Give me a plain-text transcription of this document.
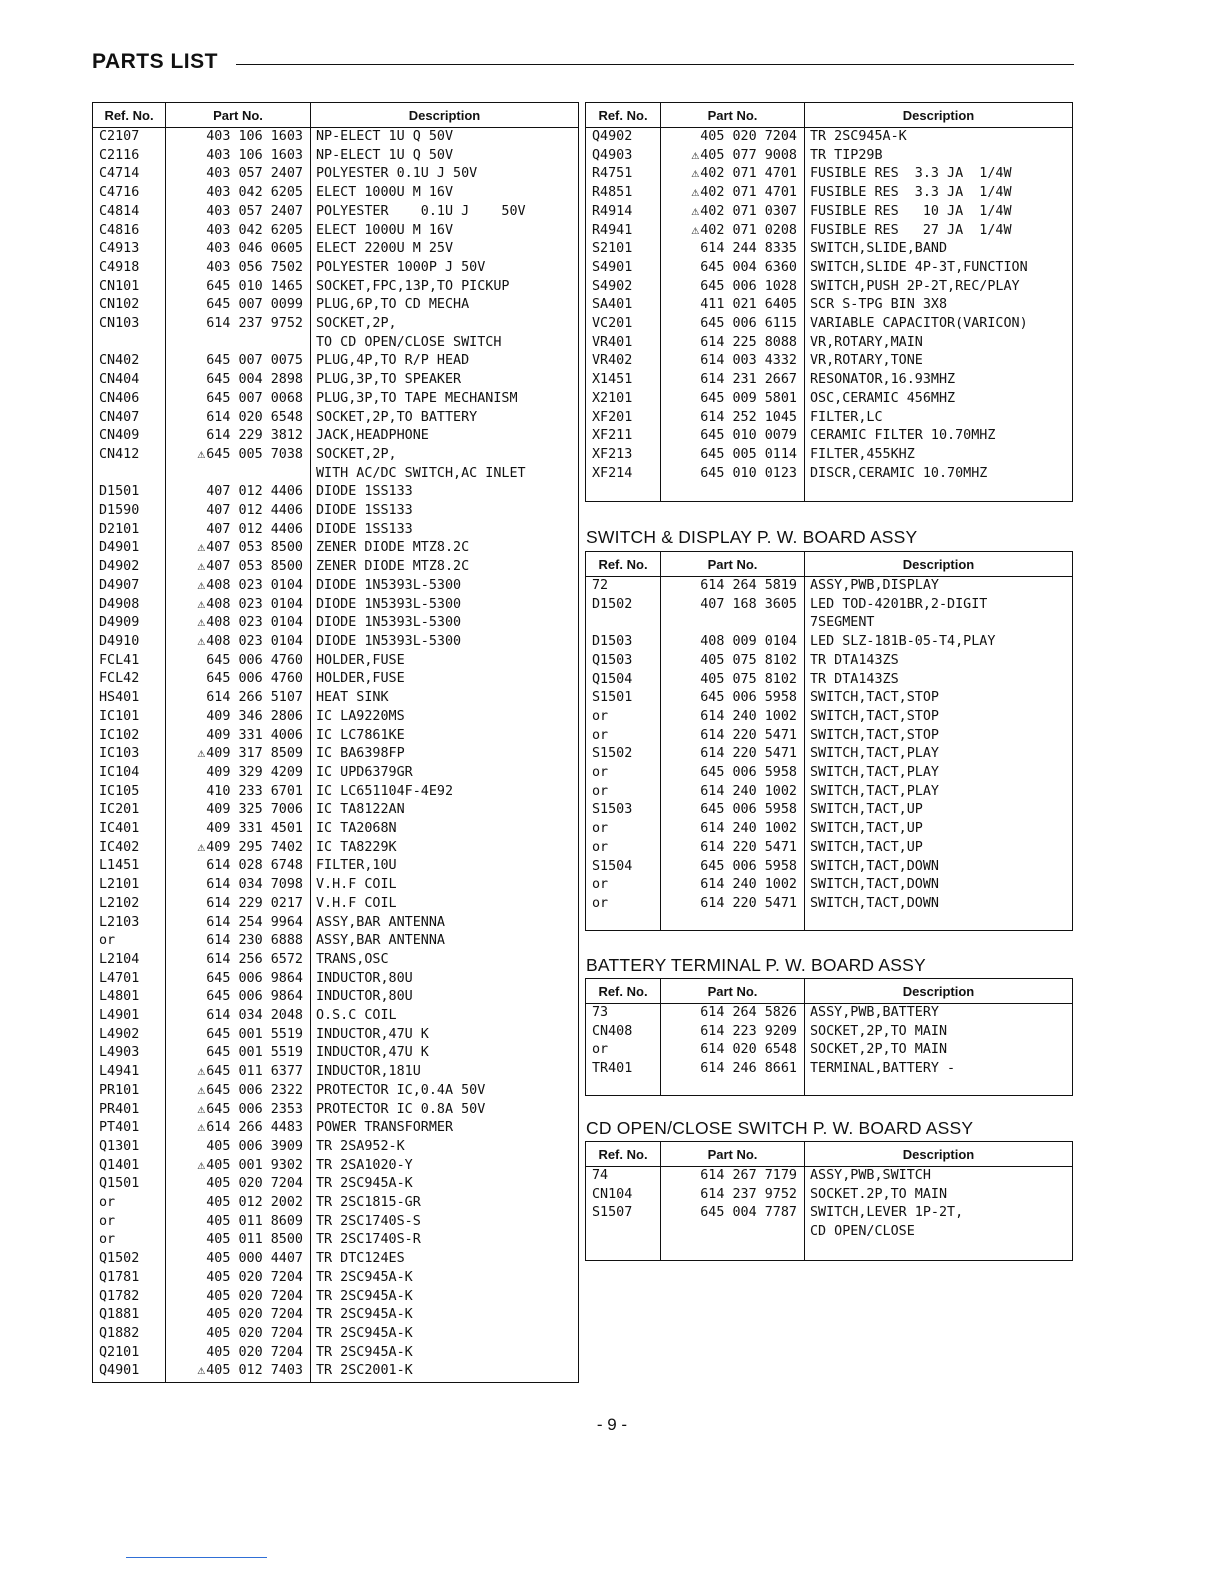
PARTS LIST
Ref. No.	Part No.	Description
C2107	403 106 1603	NP-ELECT 1U Q 50V
C2116	403 106 1603	NP-ELECT 1U Q 50V
C4714	403 057 2407	POLYESTER 0.1U J 50V
C4716	403 042 6205	ELECT 1000U M 16V
C4814	403 057 2407	POLYESTER    0.1U J    50V
C4816	403 042 6205	ELECT 1000U M 16V
C4913	403 046 0605	ELECT 2200U M 25V
C4918	403 056 7502	POLYESTER 1000P J 50V
CN101	645 010 1465	SOCKET,FPC,13P,TO PICKUP
CN102	645 007 0099	PLUG,6P,TO CD MECHA
CN103	614 237 9752	SOCKET,2P,
		TO CD OPEN/CLOSE SWITCH
CN402	645 007 0075	PLUG,4P,TO R/P HEAD
CN404	645 004 2898	PLUG,3P,TO SPEAKER
CN406	645 007 0068	PLUG,3P,TO TAPE MECHANISM
CN407	614 020 6548	SOCKET,2P,TO BATTERY
CN409	614 229 3812	JACK,HEADPHONE
CN412	⚠645 005 7038	SOCKET,2P,
		WITH AC/DC SWITCH,AC INLET
D1501	407 012 4406	DIODE 1SS133
D1590	407 012 4406	DIODE 1SS133
D2101	407 012 4406	DIODE 1SS133
D4901	⚠407 053 8500	ZENER DIODE MTZ8.2C
D4902	⚠407 053 8500	ZENER DIODE MTZ8.2C
D4907	⚠408 023 0104	DIODE 1N5393L-5300
D4908	⚠408 023 0104	DIODE 1N5393L-5300
D4909	⚠408 023 0104	DIODE 1N5393L-5300
D4910	⚠408 023 0104	DIODE 1N5393L-5300
FCL41	645 006 4760	HOLDER,FUSE
FCL42	645 006 4760	HOLDER,FUSE
HS401	614 266 5107	HEAT SINK
IC101	409 346 2806	IC LA9220MS
IC102	409 331 4006	IC LC7861KE
IC103	⚠409 317 8509	IC BA6398FP
IC104	409 329 4209	IC UPD6379GR
IC105	410 233 6701	IC LC651104F-4E92
IC201	409 325 7006	IC TA8122AN
IC401	409 331 4501	IC TA2068N
IC402	⚠409 295 7402	IC TA8229K
L1451	614 028 6748	FILTER,10U
L2101	614 034 7098	V.H.F COIL
L2102	614 229 0217	V.H.F COIL
L2103	614 254 9964	ASSY,BAR ANTENNA
or	614 230 6888	ASSY,BAR ANTENNA
L2104	614 256 6572	TRANS,OSC
L4701	645 006 9864	INDUCTOR,80U
L4801	645 006 9864	INDUCTOR,80U
L4901	614 034 2048	O.S.C COIL
L4902	645 001 5519	INDUCTOR,47U K
L4903	645 001 5519	INDUCTOR,47U K
L4941	⚠645 011 6377	INDUCTOR,181U
PR101	⚠645 006 2322	PROTECTOR IC,0.4A 50V
PR401	⚠645 006 2353	PROTECTOR IC 0.8A 50V
PT401	⚠614 266 4483	POWER TRANSFORMER
Q1301	405 006 3909	TR 2SA952-K
Q1401	⚠405 001 9302	TR 2SA1020-Y
Q1501	405 020 7204	TR 2SC945A-K
or	405 012 2002	TR 2SC1815-GR
or	405 011 8609	TR 2SC1740S-S
or	405 011 8500	TR 2SC1740S-R
Q1502	405 000 4407	TR DTC124ES
Q1781	405 020 7204	TR 2SC945A-K
Q1782	405 020 7204	TR 2SC945A-K
Q1881	405 020 7204	TR 2SC945A-K
Q1882	405 020 7204	TR 2SC945A-K
Q2101	405 020 7204	TR 2SC945A-K
Q4901	⚠405 012 7403	TR 2SC2001-K

Ref. No.	Part No.	Description
Q4902	405 020 7204	TR 2SC945A-K
Q4903	⚠405 077 9008	TR TIP29B
R4751	⚠402 071 4701	FUSIBLE RES  3.3 JA  1/4W
R4851	⚠402 071 4701	FUSIBLE RES  3.3 JA  1/4W
R4914	⚠402 071 0307	FUSIBLE RES   10 JA  1/4W
R4941	⚠402 071 0208	FUSIBLE RES   27 JA  1/4W
S2101	614 244 8335	SWITCH,SLIDE,BAND
S4901	645 004 6360	SWITCH,SLIDE 4P-3T,FUNCTION
S4902	645 006 1028	SWITCH,PUSH 2P-2T,REC/PLAY
SA401	411 021 6405	SCR S-TPG BIN 3X8
VC201	645 006 6115	VARIABLE CAPACITOR(VARICON)
VR401	614 225 8088	VR,ROTARY,MAIN
VR402	614 003 4332	VR,ROTARY,TONE
X1451	614 231 2667	RESONATOR,16.93MHZ
X2101	645 009 5801	OSC,CERAMIC 456MHZ
XF201	614 252 1045	FILTER,LC
XF211	645 010 0079	CERAMIC FILTER 10.70MHZ
XF213	645 005 0114	FILTER,455KHZ
XF214	645 010 0123	DISCR,CERAMIC 10.70MHZ

SWITCH & DISPLAY P. W. BOARD ASSY
Ref. No.	Part No.	Description
72	614 264 5819	ASSY,PWB,DISPLAY
D1502	407 168 3605	LED TOD-4201BR,2-DIGIT
		7SEGMENT
D1503	408 009 0104	LED SLZ-181B-05-T4,PLAY
Q1503	405 075 8102	TR DTA143ZS
Q1504	405 075 8102	TR DTA143ZS
S1501	645 006 5958	SWITCH,TACT,STOP
or	614 240 1002	SWITCH,TACT,STOP
or	614 220 5471	SWITCH,TACT,STOP
S1502	614 220 5471	SWITCH,TACT,PLAY
or	645 006 5958	SWITCH,TACT,PLAY
or	614 240 1002	SWITCH,TACT,PLAY
S1503	645 006 5958	SWITCH,TACT,UP
or	614 240 1002	SWITCH,TACT,UP
or	614 220 5471	SWITCH,TACT,UP
S1504	645 006 5958	SWITCH,TACT,DOWN
or	614 240 1002	SWITCH,TACT,DOWN
or	614 220 5471	SWITCH,TACT,DOWN

BATTERY TERMINAL P. W. BOARD ASSY
Ref. No.	Part No.	Description
73	614 264 5826	ASSY,PWB,BATTERY
CN408	614 223 9209	SOCKET,2P,TO MAIN
or	614 020 6548	SOCKET,2P,TO MAIN
TR401	614 246 8661	TERMINAL,BATTERY -

CD OPEN/CLOSE SWITCH P. W. BOARD ASSY
Ref. No.	Part No.	Description
74	614 267 7179	ASSY,PWB,SWITCH
CN104	614 237 9752	SOCKET.2P,TO MAIN
S1507	645 004 7787	SWITCH,LEVER 1P-2T,
		CD OPEN/CLOSE

- 9 -
